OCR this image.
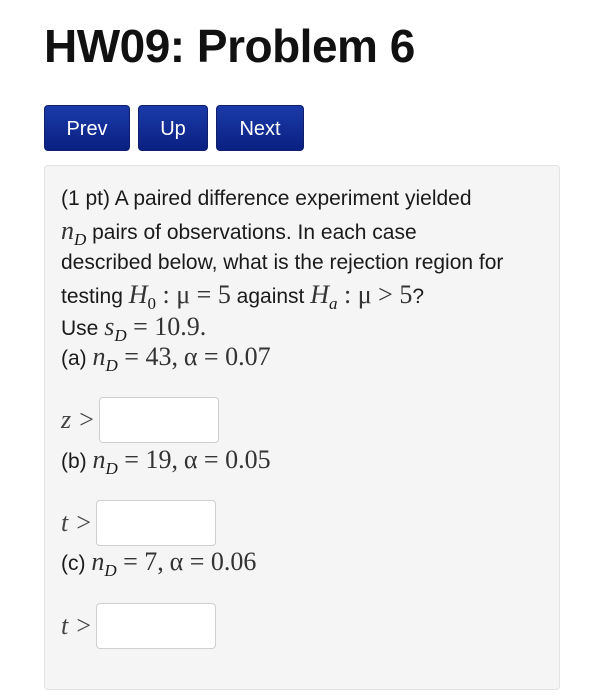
HW09: Problem 6
Prev	Up	Next
(1 pt) A paired difference experiment yielded
$n_D$ pairs of observations. In each case
described below, what is the rejection region for
testing $H_0$ : μ = 5 against $H_a$ : μ > 5?
Use $s_D = 10.9$.
(a) $n_D = 43$, α = 0.07
z >
(b) $n_D = 19$, α = 0.05
t >
(c) $n_D = 7$, α = 0.06
t >
